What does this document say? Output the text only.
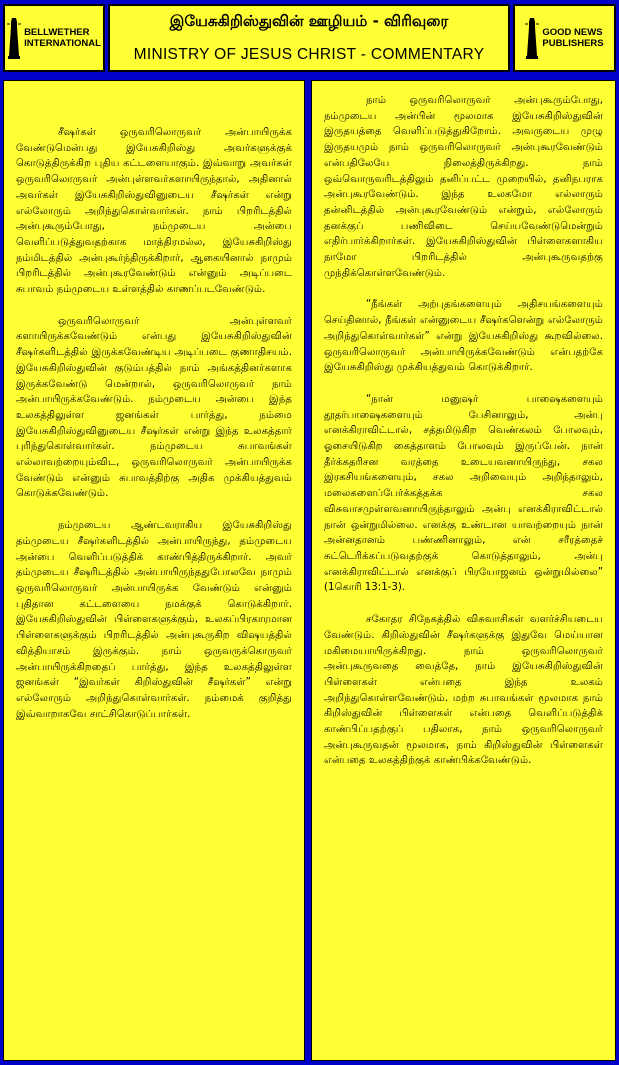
BELLWETHER
INTERNATIONAL
இயேசுகிறிஸ்துவின் ஊழியம் - விரிவுரை
MINISTRY OF JESUS CHRIST - COMMENTARY
GOOD NEWS
PUBLISHERS

சீஷர்கள் ஒருவரிலொருவர் அன்பாயிருக்க வேண்டுமென்பது இயேசுகிறிஸ்து அவர்களுக்குக் கொடுத்திருக்கிற புதிய கட்டளையாகும். இவ்வாறு அவர்கள் ஒருவரிலொருவர் அன்புள்ளவர்களாயிருந்தால், அதினால் அவர்கள் இயேசுகிறிஸ்துவினுடைய சீஷர்கள் என்று எல்லோரும் அறிந்துகொள்வார்கள். நாம் பிறரிடத்தில் அன்புகூரும்போது, நம்முடைய அன்பை வெளிப்படுத்துவதற்காக மாத்திரமல்ல, இயேசுகிறிஸ்து நம்மிடத்தில் அன்புகூர்ந்திருக்கிறார், ஆகையினால் நாமும் பிறரிடத்தில் அன்புகூரவேண்டும் என்னும் அடிப்படை சுபாவம் நம்முடைய உள்ளத்தில் காணப்படவேண்டும்.

ஒருவரிலொருவர் அன்புள்ளவர் களாயிருக்கவேண்டும் என்பது இயேசுகிறிஸ்துவின் சீஷர்களிடத்தில் இருக்கவேண்டிய அடிப்படை குணாதிசயம். இயேசுகிறிஸ்துவின் குடும்பத்தில் நாம் அங்கத்தினர்களாக இருக்கவேண்டு மென்றால், ஒருவரிலொருவர் நாம் அன்பாயிருக்கவேண்டும். நம்முடைய அன்பை இந்த உலகத்திலுள்ள ஜனங்கள் பார்த்து, நம்மை இயேசுகிறிஸ்துவினுடைய சீஷர்கள் என்று இந்த உலகத்தார் புரிந்துகொள்வார்கள். நம்முடைய சுபாவங்கள் எல்லாவற்றையும்விட, ஒருவரிலொருவர் அன்பாயிருக்க வேண்டும் என்னும் சுபாவத்திற்கு அதிக முக்கியத்துவம் கொடுக்கவேண்டும்.

நம்முடைய ஆண்டவராகிய இயேசுகிறிஸ்து தம்முடைய சீஷர்களிடத்தில் அன்பாயிருந்து, தம்முடைய அன்பை வெளிப்படுத்திக் காண்பித்திருக்கிறார். அவர் தம்முடைய சீஷரிடத்தில் அன்பாயிருந்ததுபோலவே நாமும் ஒருவரிலொருவர் அன்பாயிருக்க வேண்டும் என்னும் புதிதான கட்டளையை நமக்குக் கொடுக்கிறார். இயேசுகிறிஸ்துவின் பிள்ளைகளுக்கும், உலகப்பிரகாரமான பிள்ளைகளுக்கும் பிறரிடத்தில் அன்புகூருகிற விஷயத்தில் வித்தியாசம் இருக்கும். நாம் ஒருவருக்கொருவர் அன்பாயிருக்கிறதைப் பார்த்து, இந்த உலகத்திலுள்ள ஜனங்கள் “இவர்கள் கிறிஸ்துவின் சீஷர்கள்” என்று எல்லோரும் அறிந்துகொள்வார்கள். நம்மைக் குறித்து இவ்வாறாகவே சாட்சிகொடுப்பார்கள்.

நாம் ஒருவரிலொருவர் அன்புகூரும்போது, நம்முடைய அன்பின் மூலமாக இயேசுகிறிஸ்துவின் இருதயத்தை வெளிப்படுத்துகிறோம். அவருடைய முழு இருதயமும் நாம் ஒருவரிலொருவர் அன்புகூரவேண்டும் என்பதிலேயே நிலைத்திருக்கிறது. நாம் ஒவ்வொருவரிடத்திலும் தனிப்பட்ட முறையில், தனிநபராக அன்புகூரவேண்டும். இந்த உலகமோ எல்லாரும் தன்னிடத்தில் அன்புகூரவேண்டும் என்றும், எல்லோரும் தனக்குப் பணிவிடை செய்யவேண்டுமென்றும் எதிர்பார்க்கிறார்கள். இயேசுகிறிஸ்துவின் பிள்ளைகளாகிய நாமோ பிறரிடத்தில் அன்புகூருவதற்கு முந்திக்கொள்ளவேண்டும்.

“நீங்கள் அற்புதங்களையும் அதிசயங்களையும் செய்தினால், நீங்கள் என்னுடைய சீஷர்களென்று எல்லோரும் அறிந்துகொள்வார்கள்” என்று இயேசுகிறிஸ்து கூறவில்லை. ஒருவரிலொருவர் அன்பாயிருக்கவேண்டும் என்பதற்கே இயேசுகிறிஸ்து முக்கியத்துவம் கொடுக்கிறார்.

“நான் மனுஷர் பாஷைகளையும் தூதர்பாஷைகளையும் பேசினாலும், அன்பு எனக்கிராவிட்டால், சத்தமிடுகிற வெண்கலம் போலவும், ஓசையிடுகிற கைத்தாளம் போலவும் இருப்பேன். நான் தீர்க்கதரிசன வரத்தை உடையவனாயிருந்து, சகல இரகசியங்களையும், சகல அறிவையும் அறிந்தாலும், மலைகளைப்பேர்க்கத்தக்க சகல விசுவாசமுள்ளவனாயிருந்தாலும் அன்பு எனக்கிராவிட்டால் நான் ஒன்றுமில்லை. எனக்கு உண்டான யாவற்றையும் நான் அன்னதானம் பண்ணினாலும், என் சரீரத்தைச் சுட்டெரிக்கப்படுவதற்குக் கொடுத்தாலும், அன்பு எனக்கிராவிட்டால் எனக்குப் பிரயோஜனம் ஒன்றுமில்லை” (1கொரி 13:1-3).

சகோதர சிநேகத்தில் விசுவாசிகள் வளர்ச்சியடைய வேண்டும். கிறிஸ்துவின் சீஷர்களுக்கு இதுவே மெய்யான மகிமையாயிருக்கிறது. நாம் ஒருவரிலொருவர் அன்புகூருவதை வைத்தே, நாம் இயேசுகிறிஸ்துவின் பிள்ளைகள் என்பதை இந்த உலகம் அறிந்துகொள்ளவேண்டும். மற்ற சுபாவங்கள் மூலமாக நாம் கிறிஸ்துவின் பிள்ளைகள் என்பதை வெளிப்படுத்திக் காண்பிப்பதற்குப் பதிலாக, நாம் ஒருவரிலொருவர் அன்புகூருவதன் மூலமாக, நாம் கிறிஸ்துவின் பிள்ளைகள் என்பதை உலகத்திற்குக் காண்பிக்கவேண்டும்.
